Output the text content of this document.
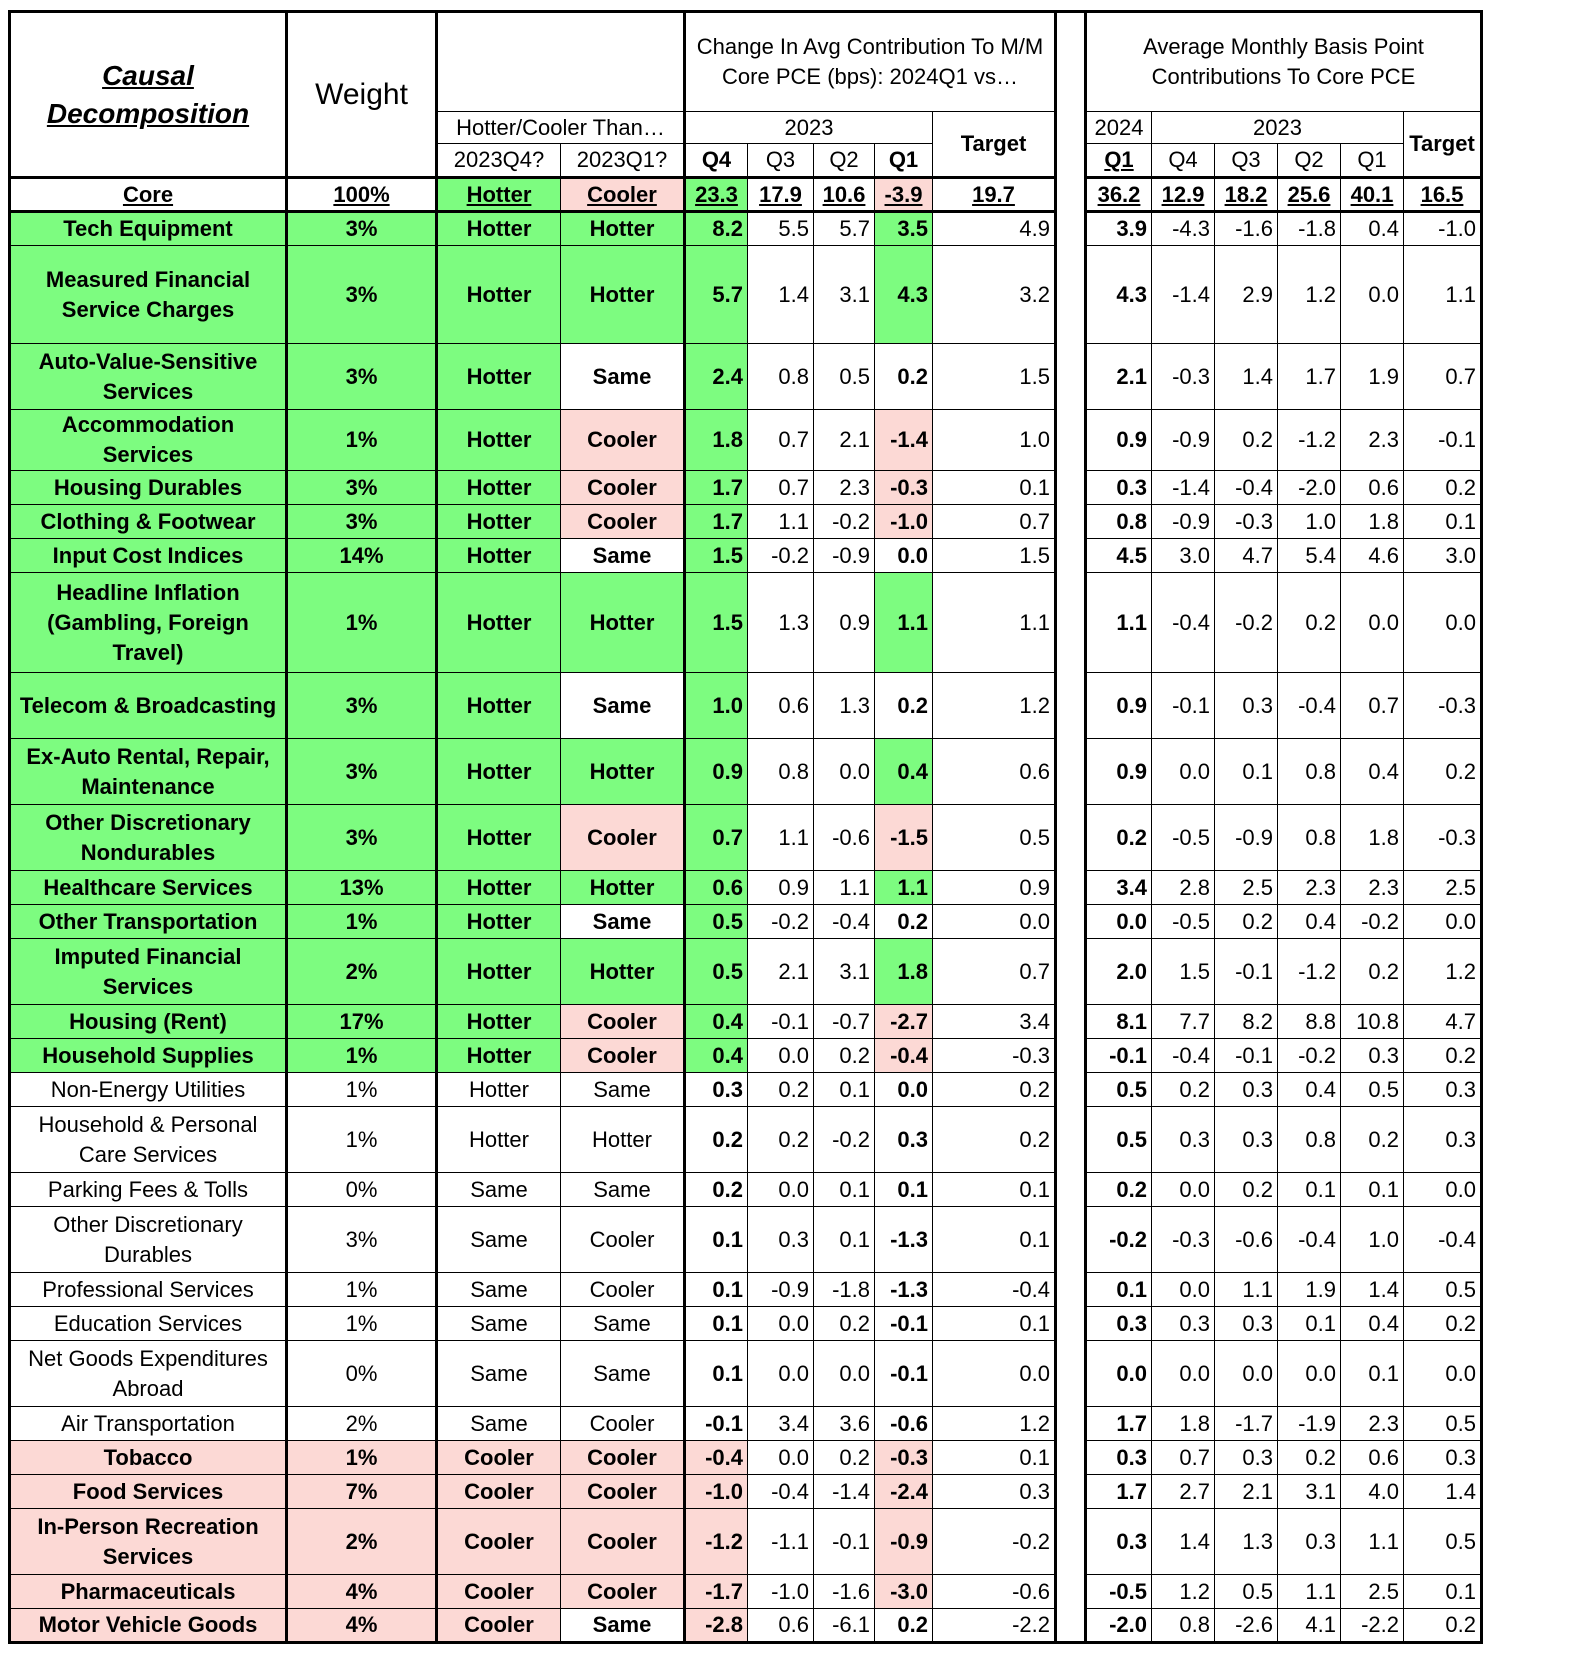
Causal
Decomposition	Weight			Change In Avg Contribution To M/M Core PCE (bps): 2024Q1 vs…						Average Monthly Basis Point Contributions To Core PCE					
		Hotter/Cooler Than…		2023				Target		2024	2023				Target
		2023Q4?	2023Q1?	Q4	Q3	Q2	Q1			Q1	Q4	Q3	Q2	Q1	
Core	100%	Hotter	Cooler	23.3	17.9	10.6	-3.9	19.7		36.2	12.9	18.2	25.6	40.1	16.5
Tech Equipment	3%	Hotter	Hotter	8.2	5.5	5.7	3.5	4.9		3.9	-4.3	-1.6	-1.8	0.4	-1.0
Measured Financial Service Charges	3%	Hotter	Hotter	5.7	1.4	3.1	4.3	3.2		4.3	-1.4	2.9	1.2	0.0	1.1
Auto-Value-Sensitive Services	3%	Hotter	Same	2.4	0.8	0.5	0.2	1.5		2.1	-0.3	1.4	1.7	1.9	0.7
Accommodation Services	1%	Hotter	Cooler	1.8	0.7	2.1	-1.4	1.0		0.9	-0.9	0.2	-1.2	2.3	-0.1
Housing Durables	3%	Hotter	Cooler	1.7	0.7	2.3	-0.3	0.1		0.3	-1.4	-0.4	-2.0	0.6	0.2
Clothing & Footwear	3%	Hotter	Cooler	1.7	1.1	-0.2	-1.0	0.7		0.8	-0.9	-0.3	1.0	1.8	0.1
Input Cost Indices	14%	Hotter	Same	1.5	-0.2	-0.9	0.0	1.5		4.5	3.0	4.7	5.4	4.6	3.0
Headline Inflation (Gambling, Foreign Travel)	1%	Hotter	Hotter	1.5	1.3	0.9	1.1	1.1		1.1	-0.4	-0.2	0.2	0.0	0.0
Telecom & Broadcasting	3%	Hotter	Same	1.0	0.6	1.3	0.2	1.2		0.9	-0.1	0.3	-0.4	0.7	-0.3
Ex-Auto Rental, Repair, Maintenance	3%	Hotter	Hotter	0.9	0.8	0.0	0.4	0.6		0.9	0.0	0.1	0.8	0.4	0.2
Other Discretionary Nondurables	3%	Hotter	Cooler	0.7	1.1	-0.6	-1.5	0.5		0.2	-0.5	-0.9	0.8	1.8	-0.3
Healthcare Services	13%	Hotter	Hotter	0.6	0.9	1.1	1.1	0.9		3.4	2.8	2.5	2.3	2.3	2.5
Other Transportation	1%	Hotter	Same	0.5	-0.2	-0.4	0.2	0.0		0.0	-0.5	0.2	0.4	-0.2	0.0
Imputed Financial Services	2%	Hotter	Hotter	0.5	2.1	3.1	1.8	0.7		2.0	1.5	-0.1	-1.2	0.2	1.2
Housing (Rent)	17%	Hotter	Cooler	0.4	-0.1	-0.7	-2.7	3.4		8.1	7.7	8.2	8.8	10.8	4.7
Household Supplies	1%	Hotter	Cooler	0.4	0.0	0.2	-0.4	-0.3		-0.1	-0.4	-0.1	-0.2	0.3	0.2
Non-Energy Utilities	1%	Hotter	Same	0.3	0.2	0.1	0.0	0.2		0.5	0.2	0.3	0.4	0.5	0.3
Household & Personal Care Services	1%	Hotter	Hotter	0.2	0.2	-0.2	0.3	0.2		0.5	0.3	0.3	0.8	0.2	0.3
Parking Fees & Tolls	0%	Same	Same	0.2	0.0	0.1	0.1	0.1		0.2	0.0	0.2	0.1	0.1	0.0
Other Discretionary Durables	3%	Same	Cooler	0.1	0.3	0.1	-1.3	0.1		-0.2	-0.3	-0.6	-0.4	1.0	-0.4
Professional Services	1%	Same	Cooler	0.1	-0.9	-1.8	-1.3	-0.4		0.1	0.0	1.1	1.9	1.4	0.5
Education Services	1%	Same	Same	0.1	0.0	0.2	-0.1	0.1		0.3	0.3	0.3	0.1	0.4	0.2
Net Goods Expenditures Abroad	0%	Same	Same	0.1	0.0	0.0	-0.1	0.0		0.0	0.0	0.0	0.0	0.1	0.0
Air Transportation	2%	Same	Cooler	-0.1	3.4	3.6	-0.6	1.2		1.7	1.8	-1.7	-1.9	2.3	0.5
Tobacco	1%	Cooler	Cooler	-0.4	0.0	0.2	-0.3	0.1		0.3	0.7	0.3	0.2	0.6	0.3
Food Services	7%	Cooler	Cooler	-1.0	-0.4	-1.4	-2.4	0.3		1.7	2.7	2.1	3.1	4.0	1.4
In-Person Recreation Services	2%	Cooler	Cooler	-1.2	-1.1	-0.1	-0.9	-0.2		0.3	1.4	1.3	0.3	1.1	0.5
Pharmaceuticals	4%	Cooler	Cooler	-1.7	-1.0	-1.6	-3.0	-0.6		-0.5	1.2	0.5	1.1	2.5	0.1
Motor Vehicle Goods	4%	Cooler	Same	-2.8	0.6	-6.1	0.2	-2.2		-2.0	0.8	-2.6	4.1	-2.2	0.2
